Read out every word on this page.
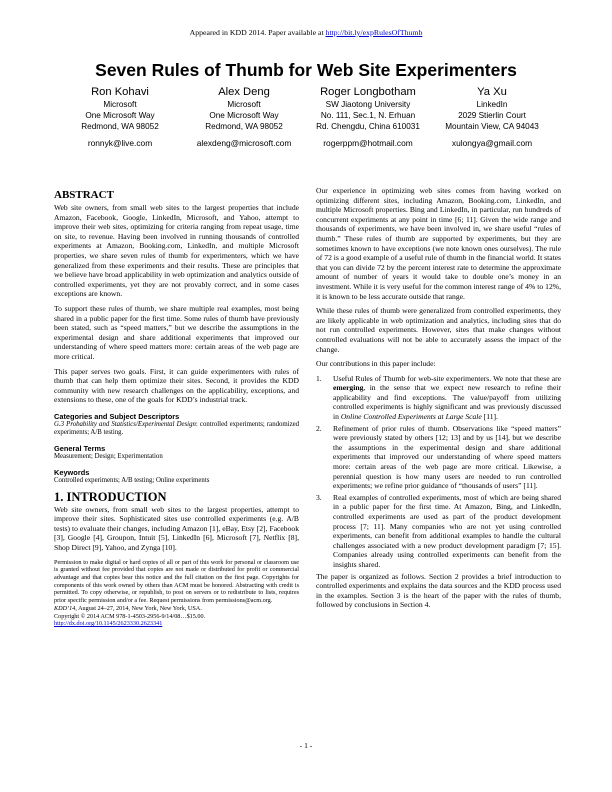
Appeared in KDD 2014. Paper available at http://bit.ly/expRulesOfThumb
Seven Rules of Thumb for Web Site Experimenters
Ron Kohavi
Microsoft
One Microsoft Way
Redmond, WA 98052
ronnyk@live.com
Alex Deng
Microsoft
One Microsoft Way
Redmond, WA 98052
alexdeng@microsoft.com
Roger Longbotham
SW Jiaotong University
No. 111, Sec.1, N. Erhuan
Rd. Chengdu, China 610031
rogerppm@hotmail.com
Ya Xu
LinkedIn
2029 Stierlin Court
Mountain View, CA 94043
xulongya@gmail.com
ABSTRACT

Web site owners, from small web sites to the largest properties that include Amazon, Facebook, Google, LinkedIn, Microsoft, and Yahoo, attempt to improve their web sites, optimizing for criteria ranging from repeat usage, time on site, to revenue. Having been involved in running thousands of controlled experiments at Amazon, Booking.com, LinkedIn, and multiple Microsoft properties, we share seven rules of thumb for experimenters, which we have generalized from these experiments and their results. These are principles that we believe have broad applicability in web optimization and analytics outside of controlled experiments, yet they are not provably correct, and in some cases exceptions are known.

To support these rules of thumb, we share multiple real examples, most being shared in a public paper for the first time. Some rules of thumb have previously been stated, such as “speed matters,” but we describe the assumptions in the experimental design and share additional experiments that improved our understanding of where speed matters more: certain areas of the web page are more critical.

This paper serves two goals. First, it can guide experimenters with rules of thumb that can help them optimize their sites. Second, it provides the KDD community with new research challenges on the applicability, exceptions, and extensions to these, one of the goals for KDD’s industrial track.

Categories and Subject Descriptors

G.3 Probability and Statistics/Experimental Design: controlled experiments; randomized experiments; A/B testing.

General Terms

Measurement; Design; Experimentation

Keywords

Controlled experiments; A/B testing; Online experiments

1. INTRODUCTION

Web site owners, from small web sites to the largest properties, attempt to improve their sites. Sophisticated sites use controlled experiments (e.g. A/B tests) to evaluate their changes, including Amazon [1], eBay, Etsy [2], Facebook [3], Google [4], Groupon, Intuit [5], LinkedIn [6], Microsoft [7], Netflix [8], Shop Direct [9], Yahoo, and Zynga [10].

Permission to make digital or hard copies of all or part of this work for personal or classroom use is granted without fee provided that copies are not made or distributed for profit or commercial advantage and that copies bear this notice and the full citation on the first page. Copyrights for components of this work owned by others than ACM must be honored. Abstracting with credit is permitted. To copy otherwise, or republish, to post on servers or to redistribute to lists, requires prior specific permission and/or a fee. Request permissions from permissions@acm.org.
KDD’14, August 24–27, 2014, New York, New York, USA.
Copyright © 2014 ACM 978-1-4503-2956-9/14/08…$15.00.
http://dx.doi.org/10.1145/2623330.2623341

Our experience in optimizing web sites comes from having worked on optimizing different sites, including Amazon, Booking.com, LinkedIn, and multiple Microsoft properties. Bing and LinkedIn, in particular, run hundreds of concurrent experiments at any point in time [6; 11]. Given the wide range and thousands of experiments, we have been involved in, we share useful “rules of thumb.” These rules of thumb are supported by experiments, but they are sometimes known to have exceptions (we note known ones ourselves). The rule of 72 is a good example of a useful rule of thumb in the financial world. It states that you can divide 72 by the percent interest rate to determine the approximate amount of number of years it would take to double one’s money in an investment. While it is very useful for the common interest range of 4% to 12%, it is known to be less accurate outside that range.

While these rules of thumb were generalized from controlled experiments, they are likely applicable in web optimization and analytics, including sites that do not run controlled experiments. However, sites that make changes without controlled evaluations will not be able to accurately assess the impact of the change.

Our contributions in this paper include:

1. Useful Rules of Thumb for web-site experimenters. We note that these are emerging, in the sense that we expect new research to refine their applicability and find exceptions. The value/payoff from utilizing controlled experiments is highly significant and was previously discussed in Online Controlled Experiments at Large Scale [11].
2. Refinement of prior rules of thumb. Observations like “speed matters” were previously stated by others [12; 13] and by us [14], but we describe the assumptions in the experimental design and share additional experiments that improved our understanding of where speed matters more: certain areas of the web page are more critical. Likewise, a perennial question is how many users are needed to run controlled experiments; we refine prior guidance of “thousands of users” [11].
3. Real examples of controlled experiments, most of which are being shared in a public paper for the first time. At Amazon, Bing, and LinkedIn, controlled experiments are used as part of the product development process [7; 11]. Many companies who are not yet using controlled experiments, can benefit from additional examples to handle the cultural challenges associated with a new product development paradigm [7; 15]. Companies already using controlled experiments can benefit from the insights shared.

The paper is organized as follows. Section 2 provides a brief introduction to controlled experiments and explains the data sources and the KDD process used in the examples. Section 3 is the heart of the paper with the rules of thumb, followed by conclusions in Section 4.

- 1 -
